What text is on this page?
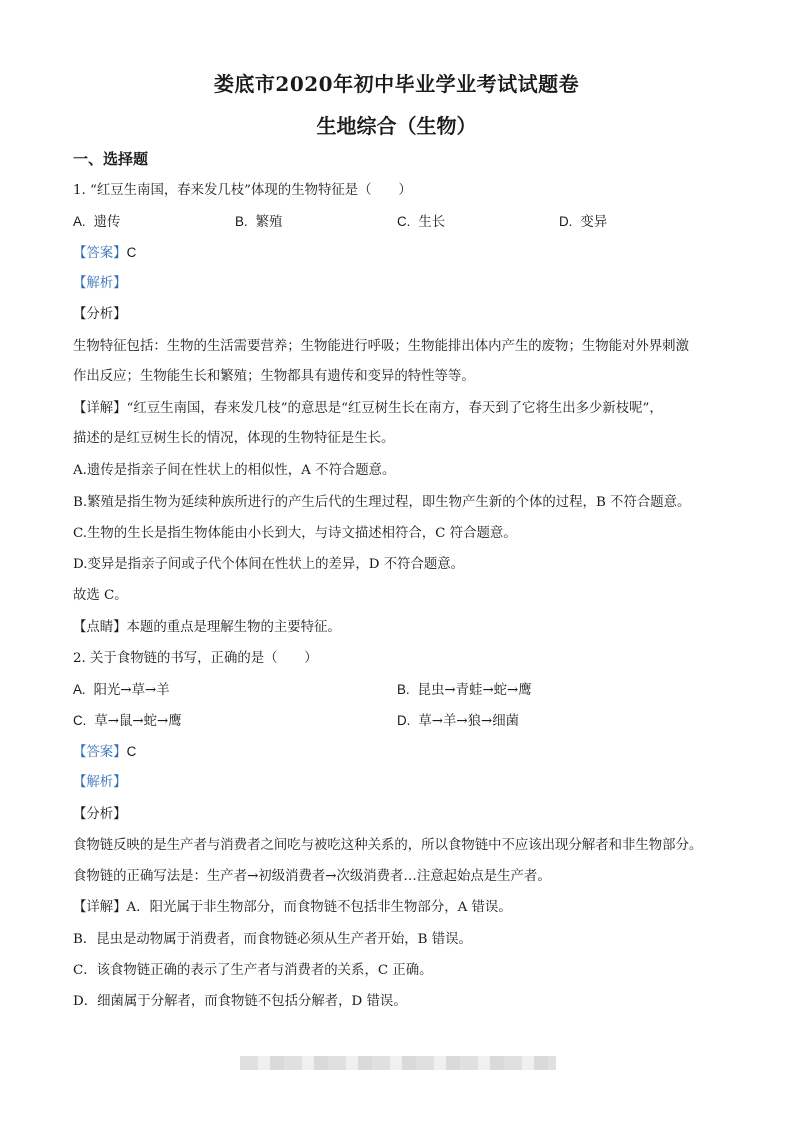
娄底市2020年初中毕业学业考试试题卷
生地综合（生物）
一、选择题
1. “红豆生南国，春来发几枝”体现的生物特征是（　　）
A. 遗传	B. 繁殖	C. 生长	D. 变异
【答案】C
【解析】
【分析】
生物特征包括：生物的生活需要营养；生物能进行呼吸；生物能排出体内产生的废物；生物能对外界刺激
作出反应；生物能生长和繁殖；生物都具有遗传和变异的特性等等。
【详解】“红豆生南国，春来发几枝”的意思是“红豆树生长在南方，春天到了它将生出多少新枝呢”，
描述的是红豆树生长的情况，体现的生物特征是生长。
A.遗传是指亲子间在性状上的相似性，A 不符合题意。
B.繁殖是指生物为延续种族所进行的产生后代的生理过程，即生物产生新的个体的过程，B 不符合题意。
C.生物的生长是指生物体能由小长到大，与诗文描述相符合，C 符合题意。
D.变异是指亲子间或子代个体间在性状上的差异，D 不符合题意。
故选 C。
【点睛】本题的重点是理解生物的主要特征。
2. 关于食物链的书写，正确的是（　　）
A. 阳光→草→羊	B. 昆虫→青蛙→蛇→鹰
C. 草→鼠→蛇→鹰	D. 草→羊→狼→细菌
【答案】C
【解析】
【分析】
食物链反映的是生产者与消费者之间吃与被吃这种关系的，所以食物链中不应该出现分解者和非生物部分。
食物链的正确写法是：生产者→初级消费者→次级消费者…注意起始点是生产者。
【详解】A．阳光属于非生物部分，而食物链不包括非生物部分，A 错误。
B．昆虫是动物属于消费者，而食物链必须从生产者开始，B 错误。
C．该食物链正确的表示了生产者与消费者的关系，C 正确。
D．细菌属于分解者，而食物链不包括分解者，D 错误。
